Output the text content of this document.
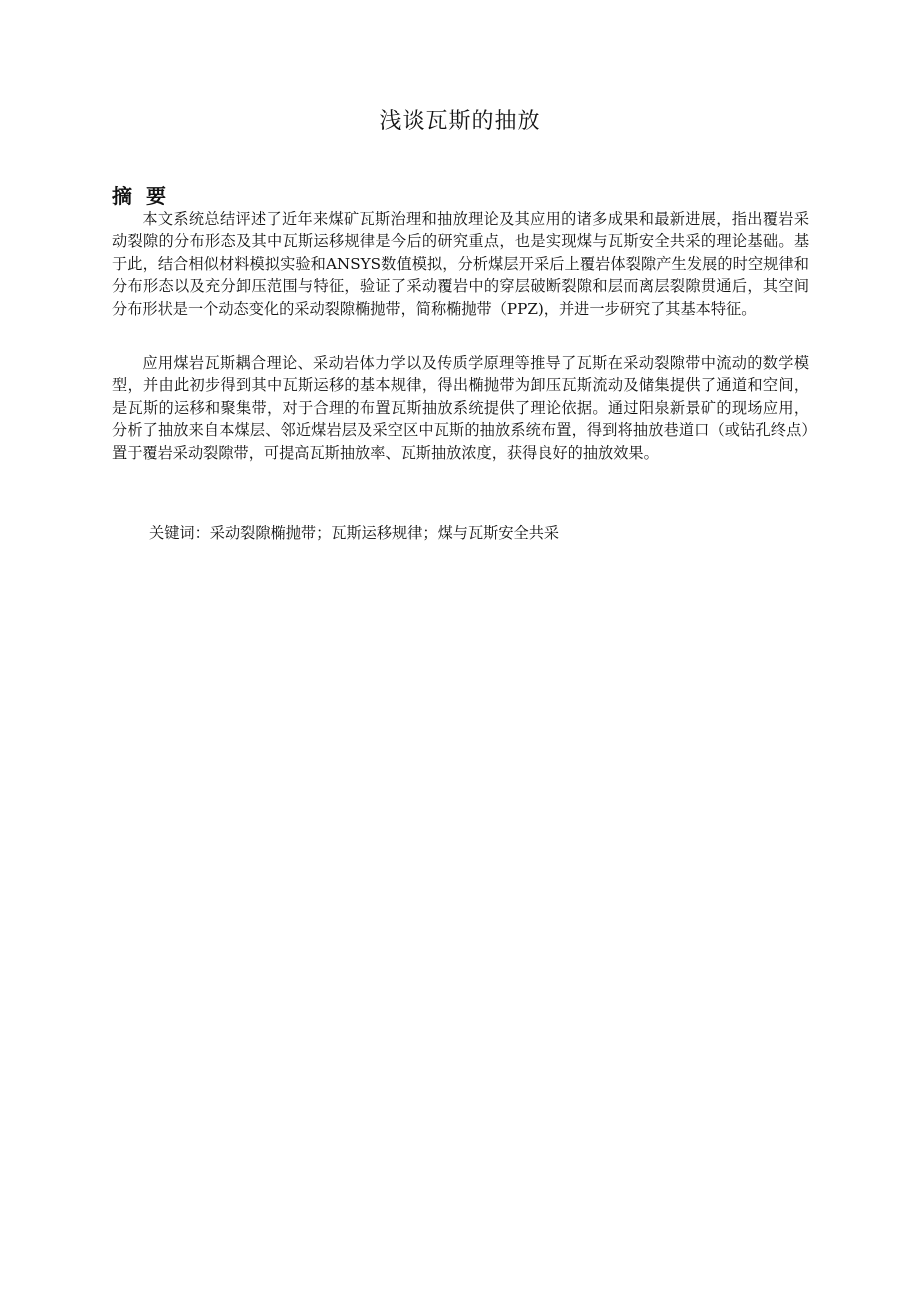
浅谈瓦斯的抽放
摘要

本文系统总结评述了近年来煤矿瓦斯治理和抽放理论及其应用的诸多成果和最新进展，指出覆岩采动裂隙的分布形态及其中瓦斯运移规律是今后的研究重点，也是实现煤与瓦斯安全共采的理论基础。基于此，结合相似材料模拟实验和ANSYS数值模拟，分析煤层开采后上覆岩体裂隙产生发展的时空规律和分布形态以及充分卸压范围与特征，验证了采动覆岩中的穿层破断裂隙和层而离层裂隙贯通后，其空间分布形状是一个动态变化的采动裂隙椭抛带，简称椭抛带（PPZ)，并进一步研究了其基本特征。

应用煤岩瓦斯耦合理论、采动岩体力学以及传质学原理等推导了瓦斯在采动裂隙带中流动的数学模型，并由此初步得到其中瓦斯运移的基本规律，得出椭抛带为卸压瓦斯流动及储集提供了通道和空间，是瓦斯的运移和聚集带，对于合理的布置瓦斯抽放系统提供了理论依据。通过阳泉新景矿的现场应用，分析了抽放来自本煤层、邻近煤岩层及采空区中瓦斯的抽放系统布置，得到将抽放巷道口（或钻孔终点）置于覆岩采动裂隙带，可提高瓦斯抽放率、瓦斯抽放浓度，获得良好的抽放效果。

关键词：采动裂隙椭抛带；瓦斯运移规律；煤与瓦斯安全共采
